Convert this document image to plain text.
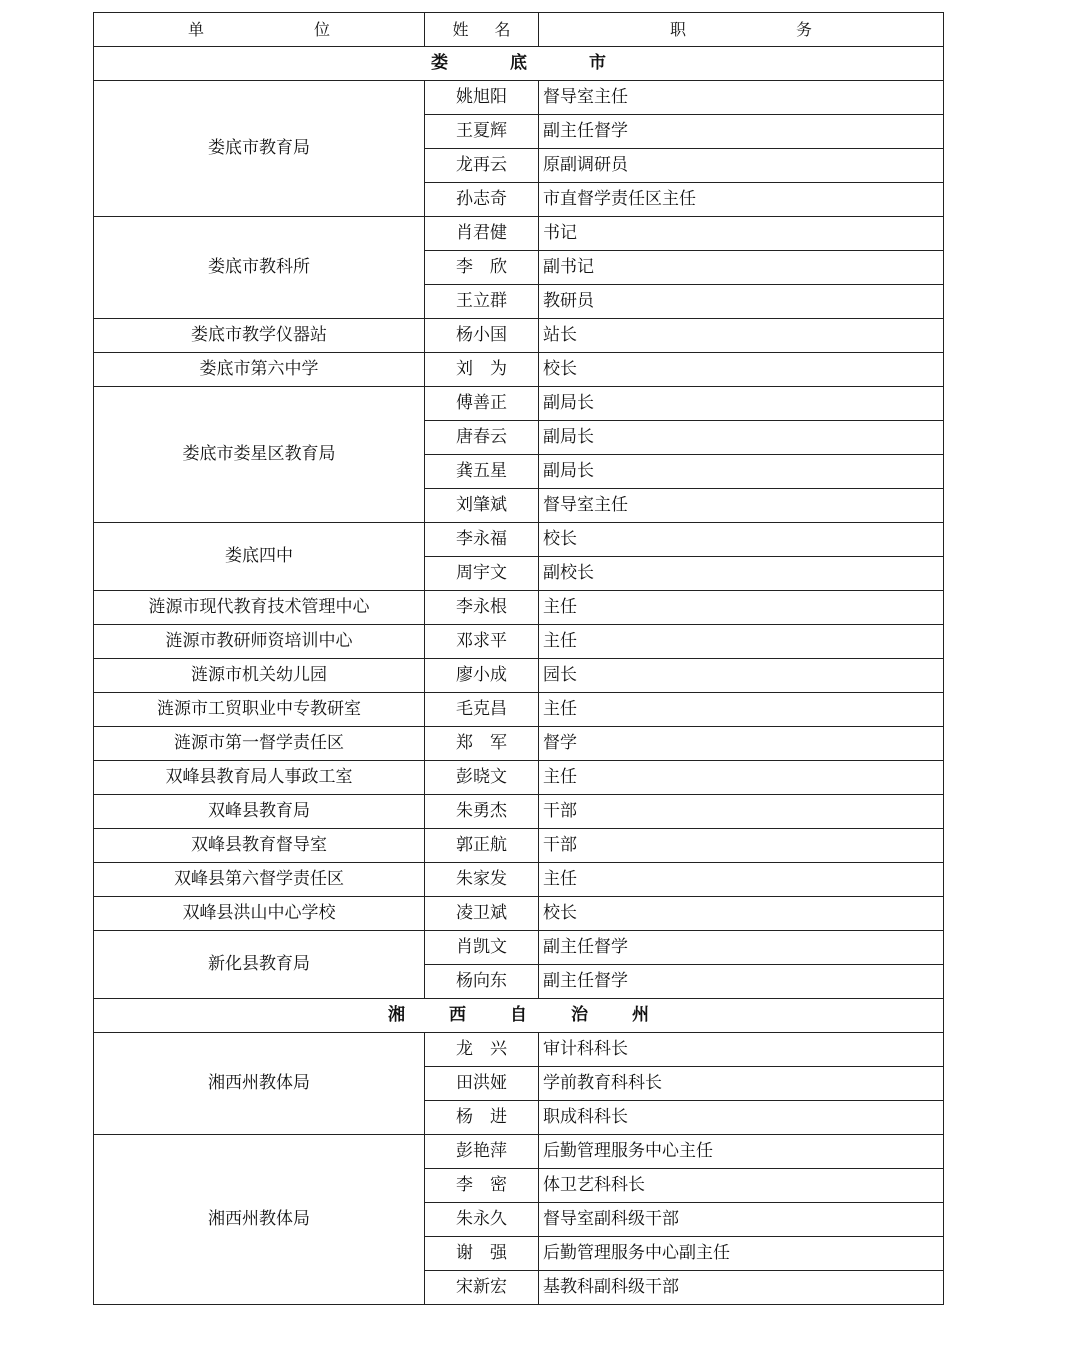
单 位	姓 名	职 务
娄 底 市		
娄底市教育局	姚旭阳	督导室主任
	王夏辉	副主任督学
	龙再云	原副调研员
	孙志奇	市直督学责任区主任
娄底市教科所	肖君健	书记
	李　欣	副书记
	王立群	教研员
娄底市教学仪器站	杨小国	站长
娄底市第六中学	刘　为	校长
娄底市娄星区教育局	傅善正	副局长
	唐春云	副局长
	龚五星	副局长
	刘肇斌	督导室主任
娄底四中	李永福	校长
	周宇文	副校长
涟源市现代教育技术管理中心	李永根	主任
涟源市教研师资培训中心	邓求平	主任
涟源市机关幼儿园	廖小成	园长
涟源市工贸职业中专教研室	毛克昌	主任
涟源市第一督学责任区	郑　军	督学
双峰县教育局人事政工室	彭晓文	主任
双峰县教育局	朱勇杰	干部
双峰县教育督导室	郭正航	干部
双峰县第六督学责任区	朱家发	主任
双峰县洪山中心学校	凌卫斌	校长
新化县教育局	肖凯文	副主任督学
	杨向东	副主任督学
湘 西 自 治 州		
湘西州教体局	龙　兴	审计科科长
	田洪娅	学前教育科科长
	杨　进	职成科科长
湘西州教体局	彭艳萍	后勤管理服务中心主任
	李　密	体卫艺科科长
	朱永久	督导室副科级干部
	谢　强	后勤管理服务中心副主任
	宋新宏	基教科副科级干部
